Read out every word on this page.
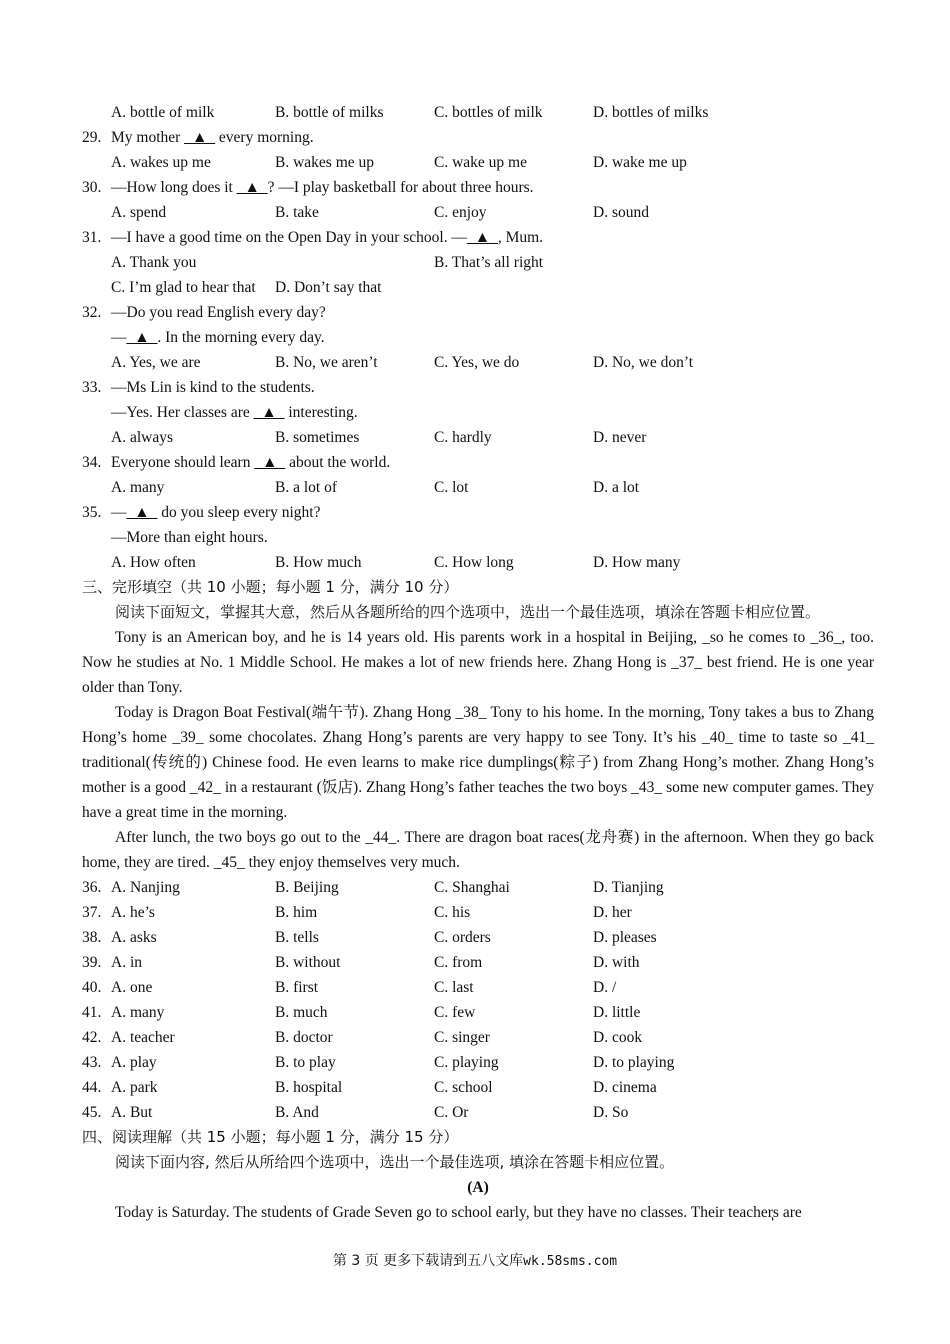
A. bottle of milk	B. bottle of milks	C. bottles of milk	D. bottles of milks
29. My mother _▲_ every morning.
A. wakes up me	B. wakes me up	C. wake up me	D. wake me up
30. —How long does it _▲_? —I play basketball for about three hours.
A. spend	B. take	C. enjoy	D. sound
31. —I have a good time on the Open Day in your school. —_▲_, Mum.
A. Thank you	B. That’s all right
C. I’m glad to hear that D. Don’t say that
32. —Do you read English every day?
—_▲_. In the morning every day.
A. Yes, we are	B. No, we aren’t	C. Yes, we do	D. No, we don’t
33. —Ms Lin is kind to the students.
—Yes. Her classes are _▲_ interesting.
A. always	B. sometimes	C. hardly	D. never
34. Everyone should learn _▲_ about the world.
A. many	B. a lot of	C. lot	D. a lot
35. —_▲_ do you sleep every night?
—More than eight hours.
A. How often	B. How much	C. How long	D. How many
三、完形填空（共 10 小题；每小题 1 分，满分 10 分）

阅读下面短文，掌握其大意，然后从各题所给的四个选项中，选出一个最佳选项，填涂在答题卡相应位置。

Tony is an American boy, and he is 14 years old. His parents work in a hospital in Beijing, _so he comes to _36_, too. Now he studies at No. 1 Middle School. He makes a lot of new friends here. Zhang Hong is _37_ best friend. He is one year older than Tony.

Today is Dragon Boat Festival(端午节). Zhang Hong _38_ Tony to his home. In the morning, Tony takes a bus to Zhang Hong’s home _39_ some chocolates. Zhang Hong’s parents are very happy to see Tony. It’s his _40_ time to taste so _41_ traditional(传统的) Chinese food. He even learns to make rice dumplings(粽子) from Zhang Hong’s mother. Zhang Hong’s mother is a good _42_ in a restaurant (饭店). Zhang Hong’s father teaches the two boys _43_ some new computer games. They have a great time in the morning.

After lunch, the two boys go out to the _44_. There are dragon boat races(龙舟赛) in the afternoon. When they go back home, they are tired. _45_ they enjoy themselves very much.

36. A. Nanjing	B. Beijing	C. Shanghai	D. Tianjing
37. A. he’s	B. him	C. his	D. her
38. A. asks	B. tells	C. orders	D. pleases
39. A. in	B. without	C. from	D. with
40. A. one	B. first	C. last	D. /
41. A. many	B. much	C. few	D. little
42. A. teacher	B. doctor	C. singer	D. cook
43. A. play	B. to play	C. playing	D. to playing
44. A. park	B. hospital	C. school	D. cinema
45. A. But	B. And	C. Or	D. So
四、阅读理解（共 15 小题；每小题 1 分，满分 15 分）

阅读下面内容, 然后从所给四个选项中，选出一个最佳选项, 填涂在答题卡相应位置。

(A)

Today is Saturday. The students of Grade Seven go to school early, but they have no classes. Their teacheٖrs are

第 3 页 更多下载请到五八文库wk.58sms.com
